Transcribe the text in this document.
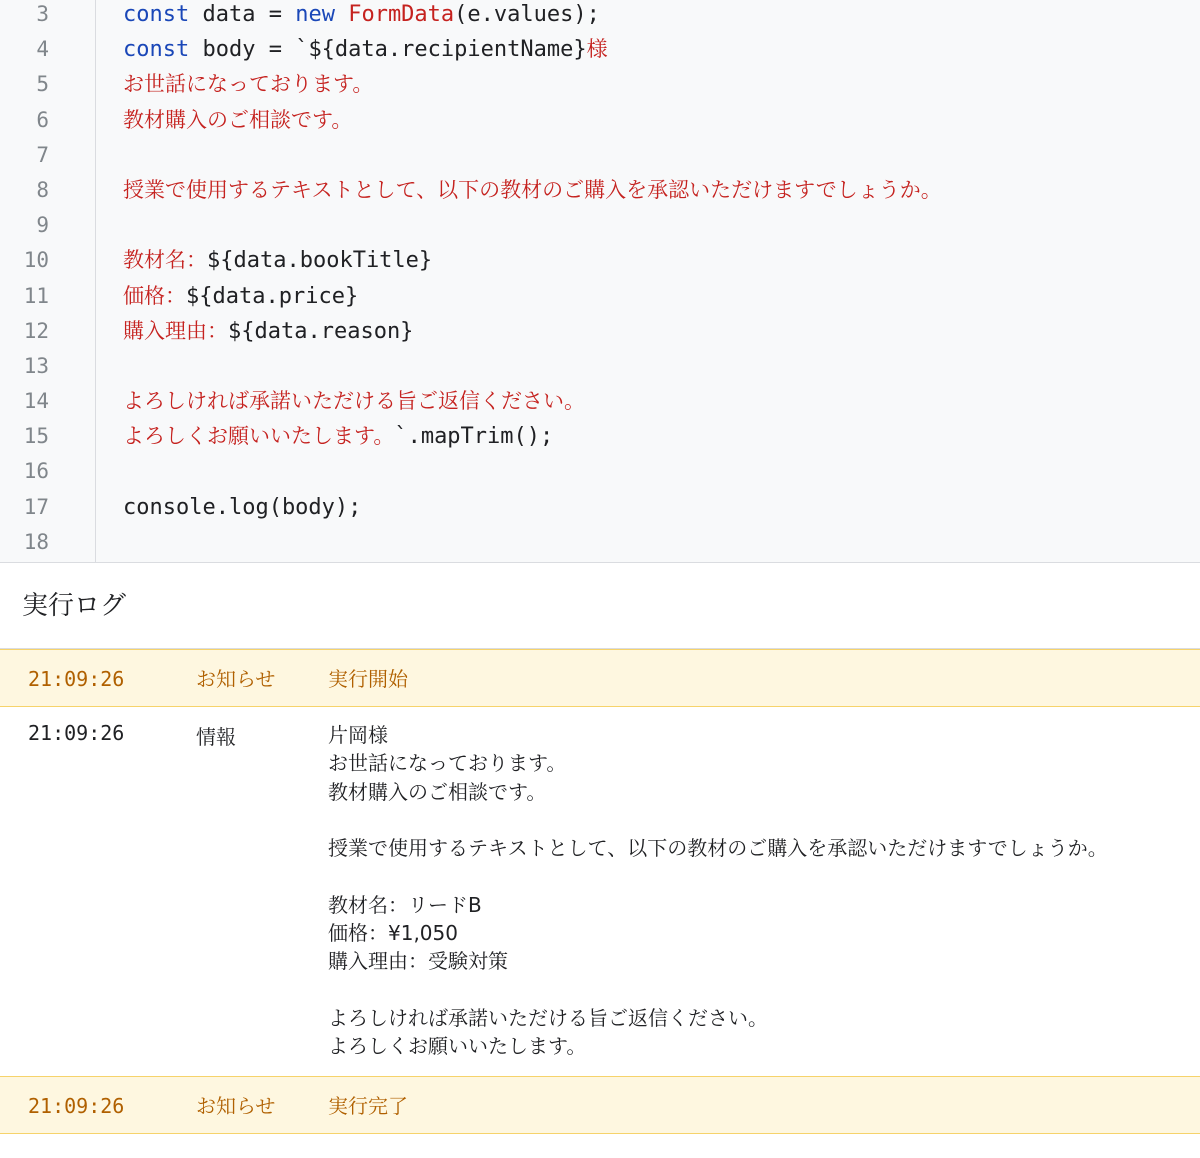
3
4
5
6
7
8
9
10
11
12
13
14
15
16
17
18
const data = new FormData(e.values);
const body = `${data.recipientName}様
お世話になっております。
教材購入のご相談です。

授業で使用するテキストとして、以下の教材のご購入を承認いただけますでしょうか。

教材名：${data.bookTitle}
価格：${data.price}
購入理由：${data.reason}

よろしければ承諾いただける旨ご返信ください。
よろしくお願いいたします。`.mapTrim();

console.log(body);

実行ログ
21:09:26	お知らせ	実行開始
21:09:26	情報	片岡様
お世話になっております。
教材購入のご相談です。

授業で使用するテキストとして、以下の教材のご購入を承認いただけますでしょうか。

教材名：リードB
価格：¥1,050
購入理由：受験対策

よろしければ承諾いただける旨ご返信ください。
よろしくお願いいたします。
21:09:26	お知らせ	実行完了
